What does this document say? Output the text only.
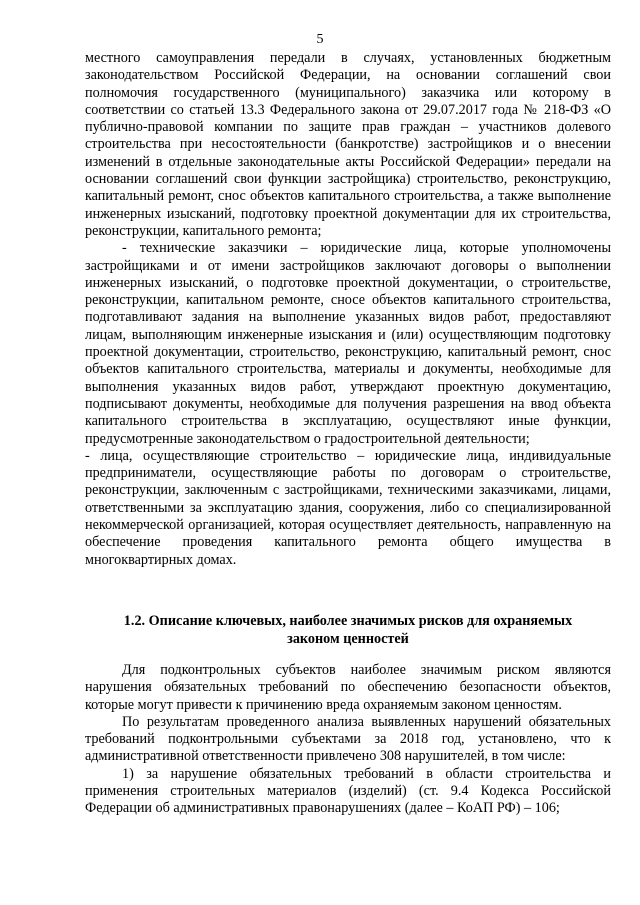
5

местного самоуправления передали в случаях, установленных бюджетным законодательством Российской Федерации, на основании соглашений свои полномочия государственного (муниципального) заказчика или которому в соответствии со статьей 13.3 Федерального закона от 29.07.2017 года № 218-ФЗ «О публично-правовой компании по защите прав граждан – участников долевого строительства при несостоятельности (банкротстве) застройщиков и о внесении изменений в отдельные законодательные акты Российской Федерации» передали на основании соглашений свои функции застройщика) строительство, реконструкцию, капитальный ремонт, снос объектов капитального строительства, а также выполнение инженерных изысканий, подготовку проектной документации для их строительства, реконструкции, капитального ремонта;

- технические заказчики – юридические лица, которые уполномочены застройщиками и от имени застройщиков заключают договоры о выполнении инженерных изысканий, о подготовке проектной документации, о строительстве, реконструкции, капитальном ремонте, сносе объектов капитального строительства, подготавливают задания на выполнение указанных видов работ, предоставляют лицам, выполняющим инженерные изыскания и (или) осуществляющим подготовку проектной документации, строительство, реконструкцию, капитальный ремонт, снос объектов капитального строительства, материалы и документы, необходимые для выполнения указанных видов работ, утверждают проектную документацию, подписывают документы, необходимые для получения разрешения на ввод объекта капитального строительства в эксплуатацию, осуществляют иные функции, предусмотренные законодательством о градостроительной деятельности;

- лица, осуществляющие строительство – юридические лица, индивидуальные предприниматели, осуществляющие работы по договорам о строительстве, реконструкции, заключенным с застройщиками, техническими заказчиками, лицами, ответственными за эксплуатацию здания, сооружения, либо со специализированной некоммерческой организацией, которая осуществляет деятельность, направленную на обеспечение проведения капитального ремонта общего имущества в многоквартирных домах.

1.2. Описание ключевых, наиболее значимых рисков для охраняемых
законом ценностей

Для подконтрольных субъектов наиболее значимым риском являются нарушения обязательных требований по обеспечению безопасности объектов, которые могут привести к причинению вреда охраняемым законом ценностям.

По результатам проведенного анализа выявленных нарушений обязательных требований подконтрольными субъектами за 2018 год, установлено, что к административной ответственности привлечено 308 нарушителей, в том числе:

1) за нарушение обязательных требований в области строительства и применения строительных материалов (изделий) (ст. 9.4 Кодекса Российской Федерации об административных правонарушениях (далее – КоАП РФ) – 106;
